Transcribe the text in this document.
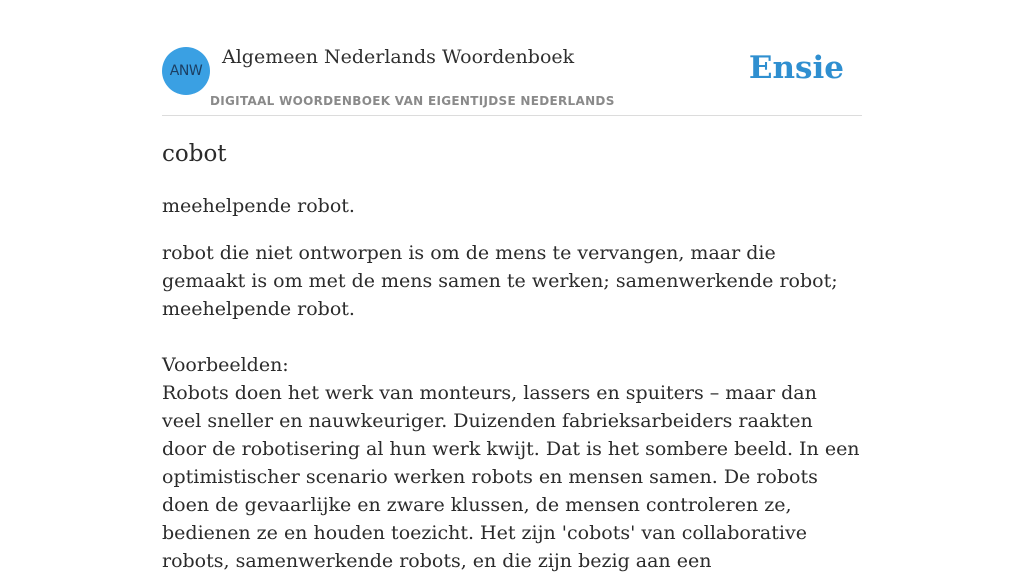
ANW
Algemeen Nederlands Woordenboek
DIGITAAL WOORDENBOEK VAN EIGENTIJDSE NEDERLANDS
Ensie
cobot

meehelpende robot.

robot die niet ontworpen is om de mens te vervangen, maar die gemaakt is om met de mens samen te werken; samenwerkende robot; meehelpende robot.

Voorbeelden:

Robots doen het werk van monteurs, lassers en spuiters – maar dan veel sneller en nauwkeuriger. Duizenden fabrieksarbeiders raakten door de robotisering al hun werk kwijt. Dat is het sombere beeld. In een optimistischer scenario werken robots en mensen samen. De robots doen de gevaarlijke en zware klussen, de mensen controleren ze, bedienen ze en houden toezicht. Het zijn 'cobots' van collaborative robots, samenwerkende robots, en die zijn bezig aan een
